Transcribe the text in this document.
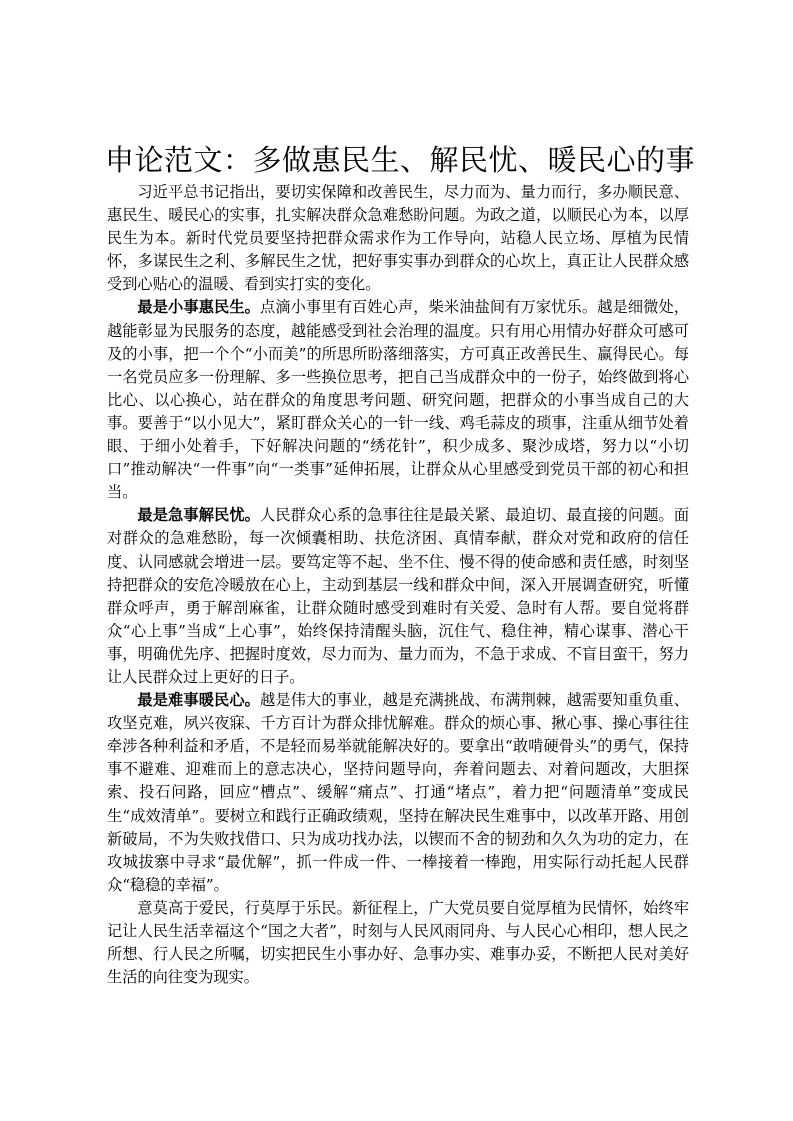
申论范文：多做惠民生、解民忧、暖民心的事

习近平总书记指出，要切实保障和改善民生，尽力而为、量力而行，多办顺民意、惠民生、暖民心的实事，扎实解决群众急难愁盼问题。为政之道，以顺民心为本，以厚民生为本。新时代党员要坚持把群众需求作为工作导向，站稳人民立场、厚植为民情怀，多谋民生之利、多解民生之忧，把好事实事办到群众的心坎上，真正让人民群众感受到心贴心的温暖、看到实打实的变化。

最是小事惠民生。点滴小事里有百姓心声，柴米油盐间有万家忧乐。越是细微处，越能彰显为民服务的态度，越能感受到社会治理的温度。只有用心用情办好群众可感可及的小事，把一个个“小而美”的所思所盼落细落实，方可真正改善民生、赢得民心。每一名党员应多一份理解、多一些换位思考，把自己当成群众中的一份子，始终做到将心比心、以心换心，站在群众的角度思考问题、研究问题，把群众的小事当成自己的大事。要善于“以小见大”，紧盯群众关心的一针一线、鸡毛蒜皮的琐事，注重从细节处着眼、于细小处着手，下好解决问题的“绣花针”，积少成多、聚沙成塔，努力以“小切口”推动解决“一件事”向“一类事”延伸拓展，让群众从心里感受到党员干部的初心和担当。

最是急事解民忧。人民群众心系的急事往往是最关紧、最迫切、最直接的问题。面对群众的急难愁盼，每一次倾囊相助、扶危济困、真情奉献，群众对党和政府的信任度、认同感就会增进一层。要笃定等不起、坐不住、慢不得的使命感和责任感，时刻坚持把群众的安危冷暖放在心上，主动到基层一线和群众中间，深入开展调查研究，听懂群众呼声，勇于解剖麻雀，让群众随时感受到难时有关爱、急时有人帮。要自觉将群众“心上事”当成“上心事”，始终保持清醒头脑，沉住气、稳住神，精心谋事、潜心干事，明确优先序、把握时度效，尽力而为、量力而为，不急于求成、不盲目蛮干，努力让人民群众过上更好的日子。

最是难事暖民心。越是伟大的事业，越是充满挑战、布满荆棘，越需要知重负重、攻坚克难，夙兴夜寐、千方百计为群众排忧解难。群众的烦心事、揪心事、操心事往往牵涉各种利益和矛盾，不是轻而易举就能解决好的。要拿出“敢啃硬骨头”的勇气，保持事不避难、迎难而上的意志决心，坚持问题导向，奔着问题去、对着问题改，大胆探索、投石问路，回应“槽点”、缓解“痛点”、打通“堵点”，着力把“问题清单”变成民生“成效清单”。要树立和践行正确政绩观，坚持在解决民生难事中，以改革开路、用创新破局，不为失败找借口、只为成功找办法，以锲而不舍的韧劲和久久为功的定力，在攻城拔寨中寻求“最优解”，抓一件成一件、一棒接着一棒跑，用实际行动托起人民群众“稳稳的幸福”。

意莫高于爱民，行莫厚于乐民。新征程上，广大党员要自觉厚植为民情怀，始终牢记让人民生活幸福这个“国之大者”，时刻与人民风雨同舟、与人民心心相印，想人民之所想、行人民之所嘱，切实把民生小事办好、急事办实、难事办妥，不断把人民对美好生活的向往变为现实。
